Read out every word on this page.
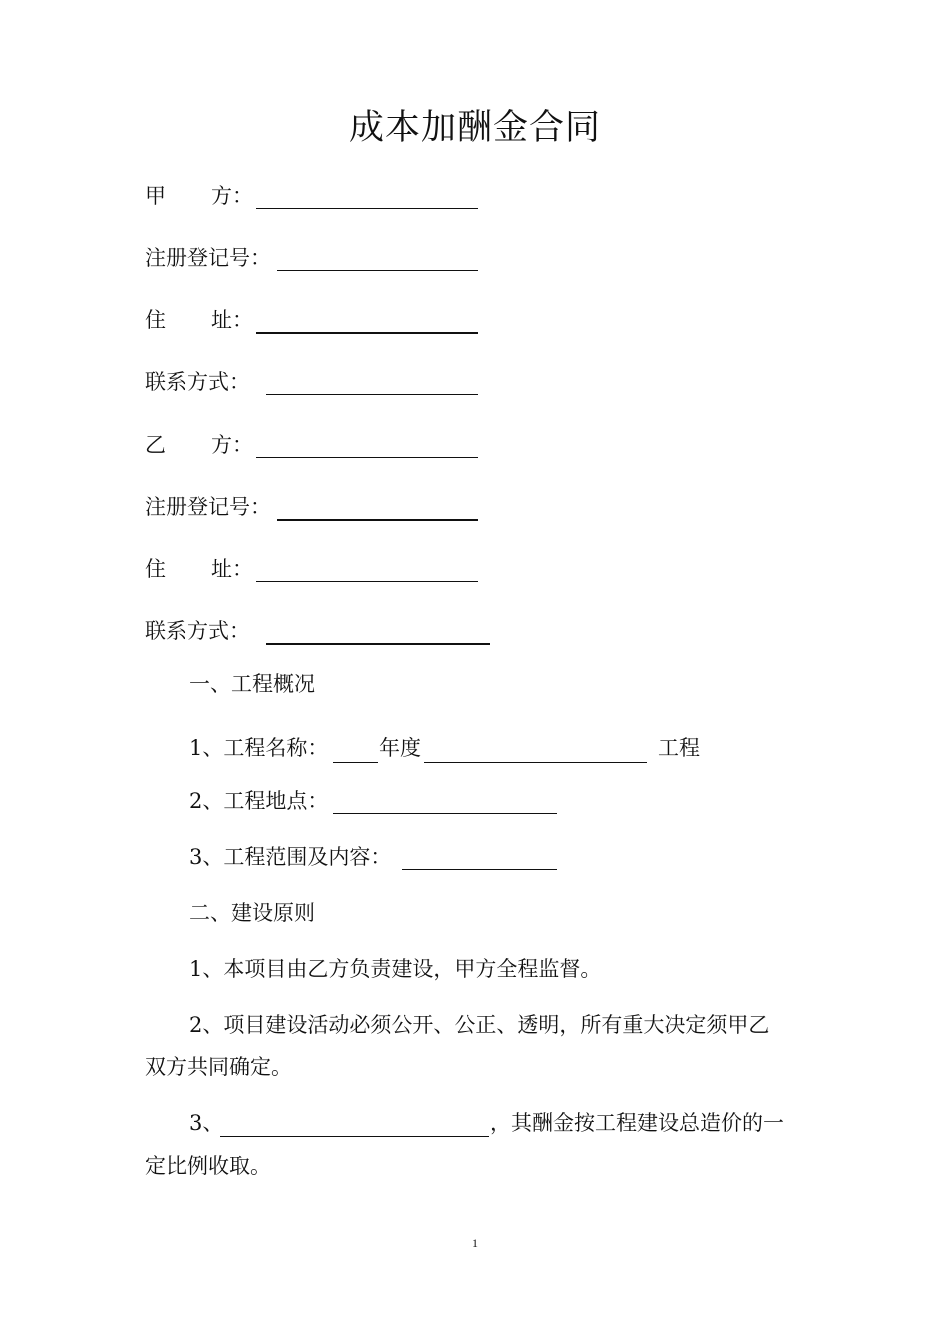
成本加酬金合同
甲 方：
注册登记号：
住 址：
联系方式：
乙 方：
注册登记号：
住 址：
联系方式：
一、工程概况
1、工程名称： 年度	工程
2、工程地点：
3、工程范围及内容：
二、建设原则
1、本项目由乙方负责建设，甲方全程监督。
2、项目建设活动必须公开、公正、透明，所有重大决定须甲乙
双方共同确定。
3、	，其酬金按工程建设总造价的一
定比例收取。
1
